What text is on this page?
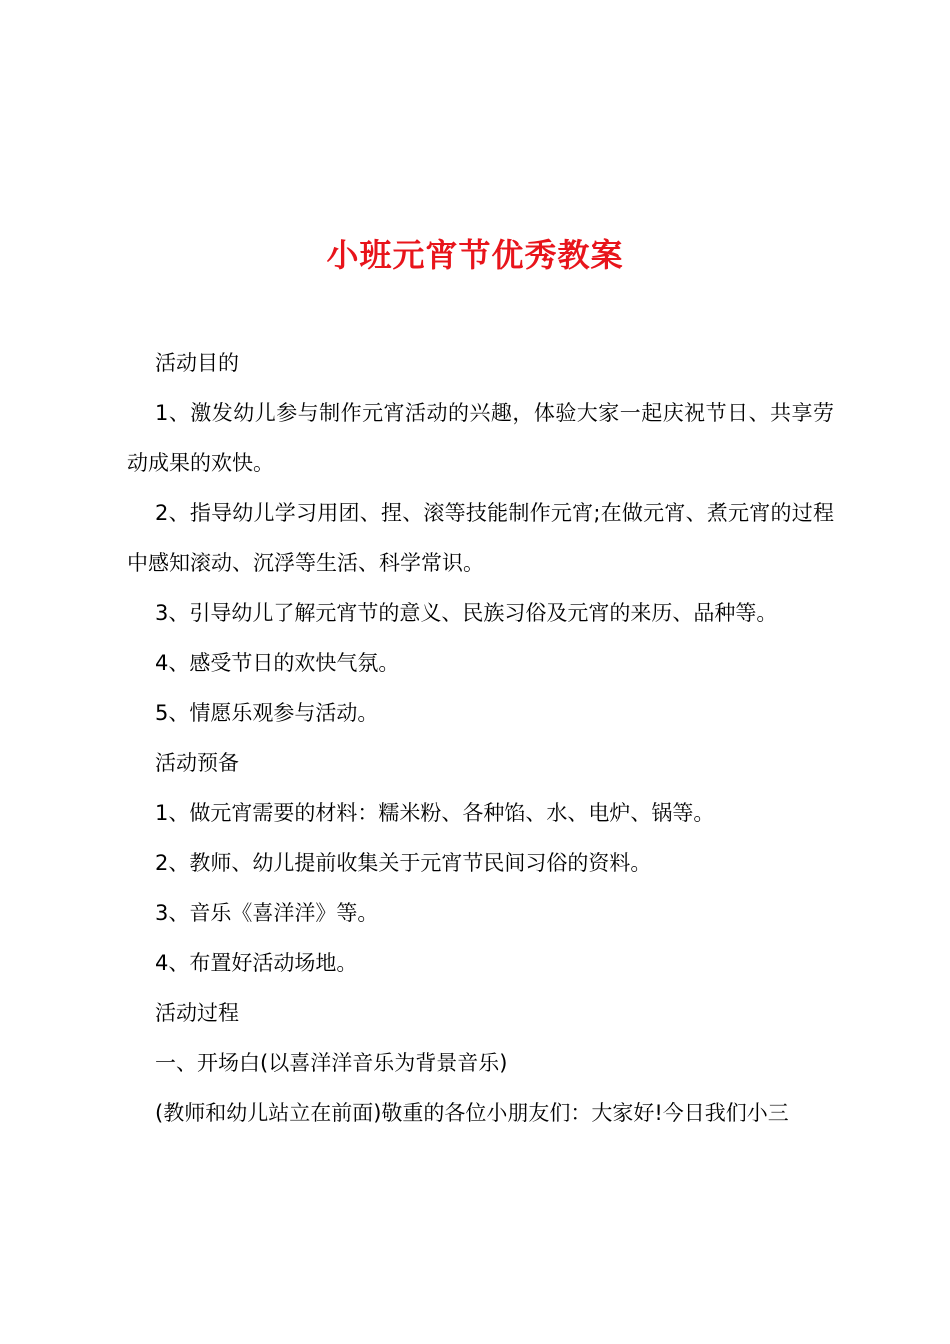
小班元宵节优秀教案

活动目的

1、激发幼儿参与制作元宵活动的兴趣，体验大家一起庆祝节日、共享劳动成果的欢快。

2、指导幼儿学习用团、捏、滚等技能制作元宵;在做元宵、煮元宵的过程中感知滚动、沉浮等生活、科学常识。

3、引导幼儿了解元宵节的意义、民族习俗及元宵的来历、品种等。

4、感受节日的欢快气氛。

5、情愿乐观参与活动。

活动预备

1、做元宵需要的材料：糯米粉、各种馅、水、电炉、锅等。

2、教师、幼儿提前收集关于元宵节民间习俗的资料。

3、音乐《喜洋洋》等。

4、布置好活动场地。

活动过程

一、开场白(以喜洋洋音乐为背景音乐)

(教师和幼儿站立在前面)敬重的各位小朋友们：大家好!今日我们小三
